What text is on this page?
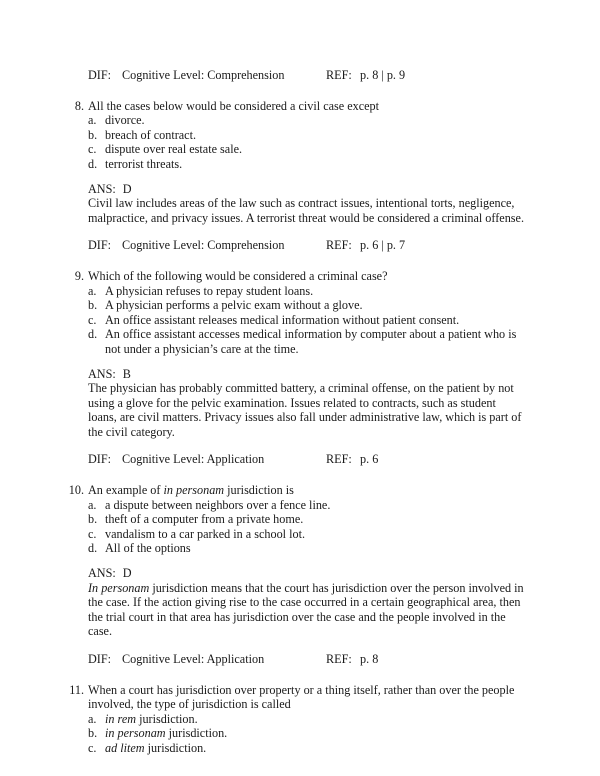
DIF: Cognitive Level: Comprehension	REF: p. 8 | p. 9
8. All the cases below would be considered a civil case except
a. divorce.
b. breach of contract.
c. dispute over real estate sale.
d. terrorist threats.
ANS: D
Civil law includes areas of the law such as contract issues, intentional torts, negligence, malpractice, and privacy issues. A terrorist threat would be considered a criminal offense.
DIF: Cognitive Level: Comprehension	REF: p. 6 | p. 7
9. Which of the following would be considered a criminal case?
a. A physician refuses to repay student loans.
b. A physician performs a pelvic exam without a glove.
c. An office assistant releases medical information without patient consent.
d. An office assistant accesses medical information by computer about a patient who is not under a physician’s care at the time.
ANS: B
The physician has probably committed battery, a criminal offense, on the patient by not using a glove for the pelvic examination. Issues related to contracts, such as student loans, are civil matters. Privacy issues also fall under administrative law, which is part of the civil category.
DIF: Cognitive Level: Application	REF: p. 6
10. An example of in personam jurisdiction is
a. a dispute between neighbors over a fence line.
b. theft of a computer from a private home.
c. vandalism to a car parked in a school lot.
d. All of the options
ANS: D
In personam jurisdiction means that the court has jurisdiction over the person involved in the case. If the action giving rise to the case occurred in a certain geographical area, then the trial court in that area has jurisdiction over the case and the people involved in the case.
DIF: Cognitive Level: Application	REF: p. 8
11. When a court has jurisdiction over property or a thing itself, rather than over the people involved, the type of jurisdiction is called
a. in rem jurisdiction.
b. in personam jurisdiction.
c. ad litem jurisdiction.
